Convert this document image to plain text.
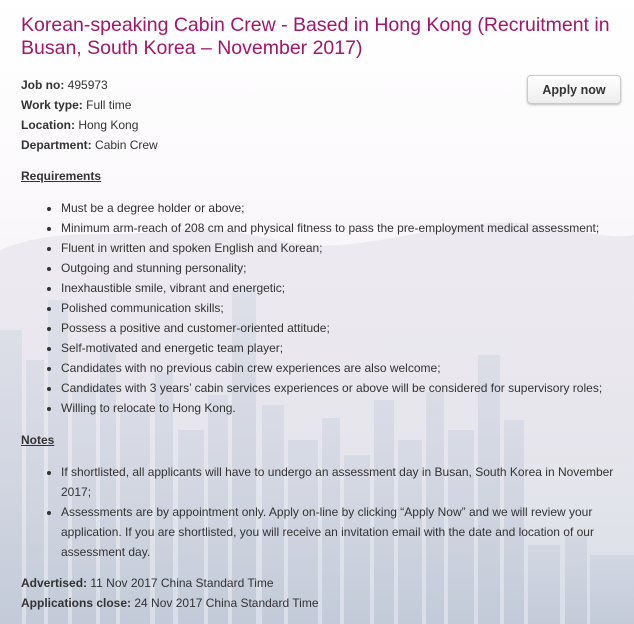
Korean-speaking Cabin Crew - Based in Hong Kong (Recruitment in Busan, South Korea – November 2017)
Apply now

Job no: 495973

Work type: Full time

Location: Hong Kong

Department: Cabin Crew

Requirements
• Must be a degree holder or above;
• Minimum arm-reach of 208 cm and physical fitness to pass the pre-employment medical assessment;
• Fluent in written and spoken English and Korean;
• Outgoing and stunning personality;
• Inexhaustible smile, vibrant and energetic;
• Polished communication skills;
• Possess a positive and customer-oriented attitude;
• Self-motivated and energetic team player;
• Candidates with no previous cabin crew experiences are also welcome;
• Candidates with 3 years’ cabin services experiences or above will be considered for supervisory roles;
• Willing to relocate to Hong Kong.
Notes
• If shortlisted, all applicants will have to undergo an assessment day in Busan, South Korea in November 2017;
• Assessments are by appointment only. Apply on-line by clicking “Apply Now” and we will review your application. If you are shortlisted, you will receive an invitation email with the date and location of our assessment day.

Advertised: 11 Nov 2017 China Standard Time

Applications close: 24 Nov 2017 China Standard Time
